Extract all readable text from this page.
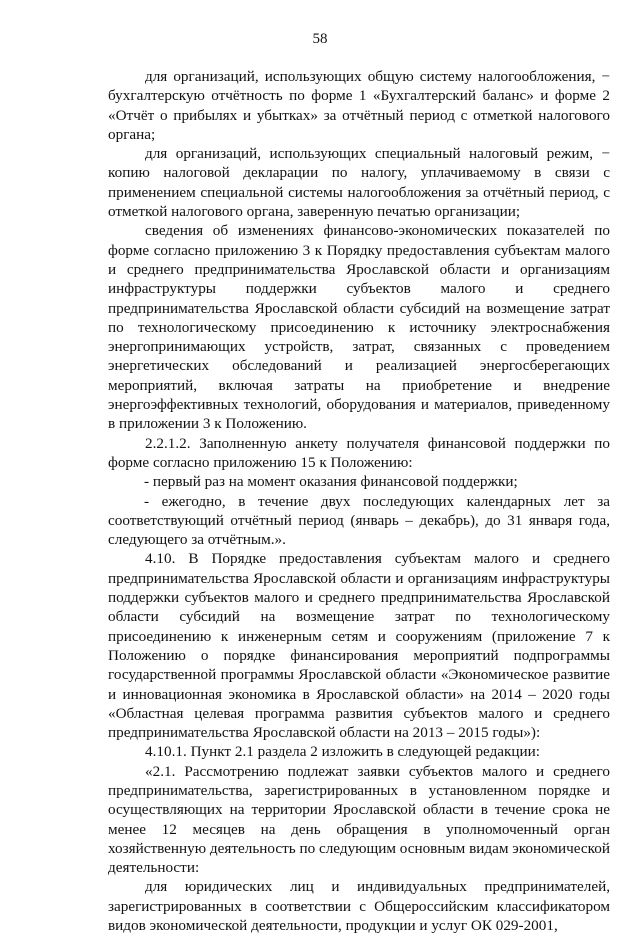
58

для организаций, использующих общую систему налогообложения, − бухгалтерскую отчётность по форме 1 «Бухгалтерский баланс» и форме 2 «Отчёт о прибылях и убытках» за отчётный период с отметкой налогового органа;

для организаций, использующих специальный налоговый режим, − копию налоговой декларации по налогу, уплачиваемому в связи с применением специальной системы налогообложения за отчётный период, с отметкой налогового органа, заверенную печатью организации;

сведения об изменениях финансово-экономических показателей по форме согласно приложению 3 к Порядку предоставления субъектам малого и среднего предпринимательства Ярославской области и организациям инфраструктуры поддержки субъектов малого и среднего предпринимательства Ярославской области субсидий на возмещение затрат по технологическому присоединению к источнику электроснабжения энергопринимающих устройств, затрат, связанных с проведением энергетических обследований и реализацией энергосберегающих мероприятий, включая затраты на приобретение и внедрение энергоэффективных технологий, оборудования и материалов, приведенному в приложении 3 к Положению.

2.2.1.2. Заполненную анкету получателя финансовой поддержки по форме согласно приложению 15 к Положению:

- первый раз на момент оказания финансовой поддержки;

- ежегодно, в течение двух последующих календарных лет за соответствующий отчётный период (январь – декабрь), до 31 января года, следующего за отчётным.».

4.10. В Порядке предоставления субъектам малого и среднего предпринимательства Ярославской области и организациям инфраструктуры поддержки субъектов малого и среднего предпринимательства Ярославской области субсидий на возмещение затрат по технологическому присоединению к инженерным сетям и сооружениям (приложение 7 к Положению о порядке финансирования мероприятий подпрограммы государственной программы Ярославской области «Экономическое развитие и инновационная экономика в Ярославской области» на 2014 – 2020 годы «Областная целевая программа развития субъектов малого и среднего предпринимательства Ярославской области на 2013 – 2015 годы»):

4.10.1. Пункт 2.1 раздела 2 изложить в следующей редакции:

«2.1. Рассмотрению подлежат заявки субъектов малого и среднего предпринимательства, зарегистрированных в установленном порядке и осуществляющих на территории Ярославской области в течение срока не менее 12 месяцев на день обращения в уполномоченный орган хозяйственную деятельность по следующим основным видам экономической деятельности:

для юридических лиц и индивидуальных предпринимателей, зарегистрированных в соответствии с Общероссийским классификатором видов экономической деятельности, продукции и услуг ОК 029-2001,
